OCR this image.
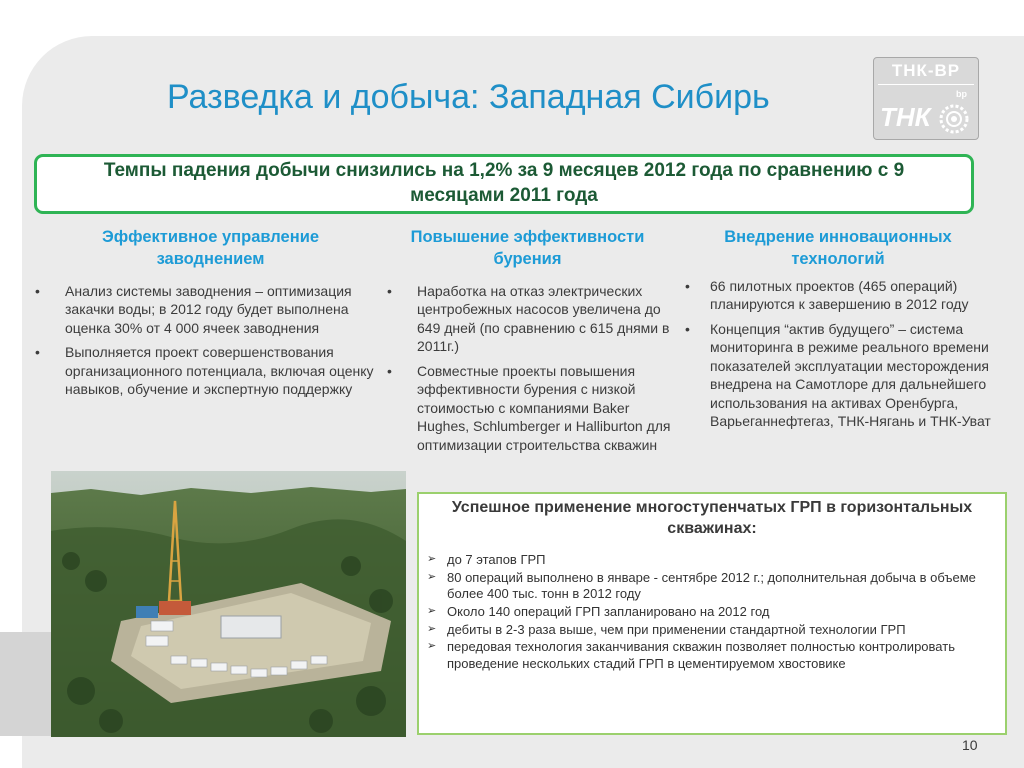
Разведка и добыча: Западная Сибирь
ТНК-ВР
ТНК
bp
Темпы падения добычи снизились на 1,2% за 9 месяцев 2012 года по сравнению с 9 месяцами 2011 года
Эффективное управление заводнением
• Анализ системы заводнения – оптимизация закачки воды; в 2012 году будет выполнена оценка 30% от 4 000 ячеек заводнения
• Выполняется проект совершенствования организационного потенциала, включая оценку навыков, обучение и экспертную поддержку
Повышение эффективности бурения
• Наработка на отказ электрических центробежных насосов увеличена до 649 дней (по сравнению с 615 днями в 2011г.)
• Совместные проекты повышения эффективности бурения с низкой стоимостью с компаниями Baker Hughes, Schlumberger и Halliburton для оптимизации строительства скважин
Внедрение инновационных технологий
• 66 пилотных проектов (465 операций) планируются к завершению в 2012 году
• Концепция “актив будущего” – система мониторинга в режиме реального времени показателей эксплуатации месторождения внедрена на Самотлоре для дальнейшего использования на активах Оренбурга, Варьеганнефтегаз, ТНК-Нягань и ТНК-Уват
Успешное применение многоступенчатых ГРП в горизонтальных скважинах:
➢ до 7 этапов ГРП
➢ 80 операций выполнено в январе - сентябре 2012 г.; дополнительная добыча в объеме более 400 тыс. тонн в 2012 году
➢ Около 140 операций ГРП запланировано на 2012 год
➢ дебиты в 2-3 раза выше, чем при применении стандартной технологии ГРП
➢ передовая технология заканчивания скважин позволяет полностью контролировать проведение нескольких стадий ГРП в цементируемом хвостовике
10
